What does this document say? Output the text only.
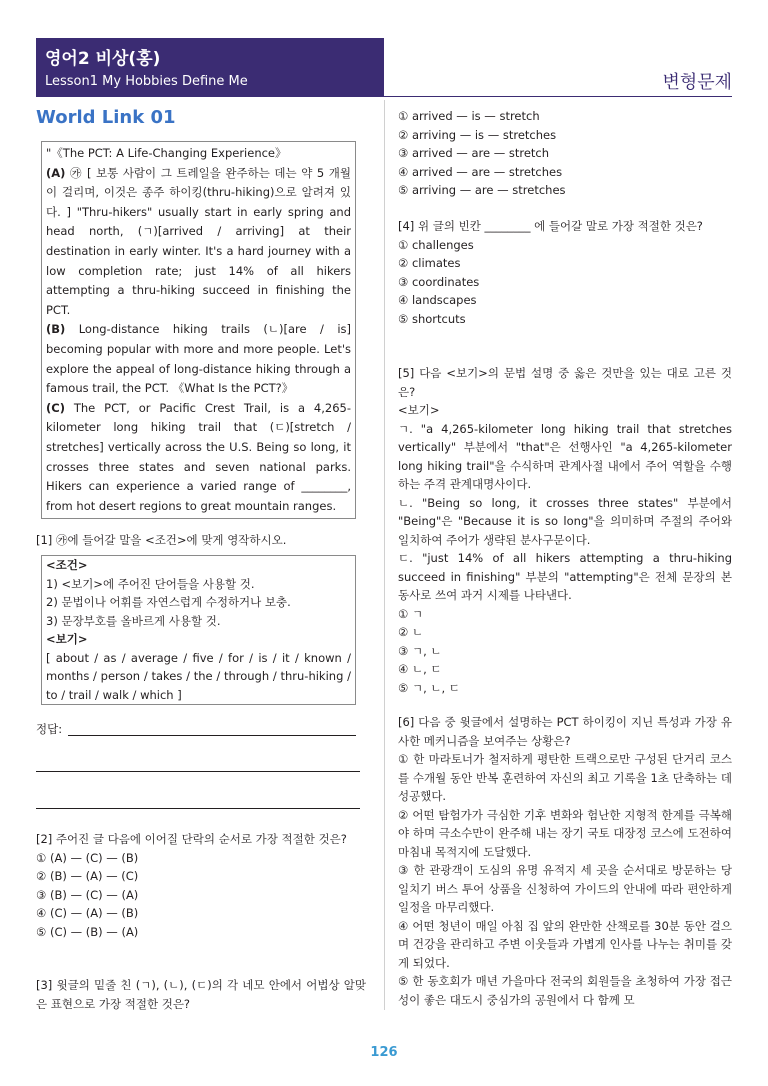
영어2 비상(홍)
Lesson1 My Hobbies Define Me	변형문제
World Link 01

"《The PCT: A Life-Changing Experience》

(A) ㉮ [ 보통 사람이 그 트레일을 완주하는 데는 약 5 개월이 걸리며, 이것은 종주 하이킹(thru-hiking)으로 알려져 있다. ] "Thru-hikers" usually start in early spring and head north, (ㄱ)[arrived / arriving] at their destination in early winter. It's a hard journey with a low completion rate; just 14% of all hikers attempting a thru-hiking succeed in finishing the PCT.

(B) Long-distance hiking trails (ㄴ)[are / is] becoming popular with more and more people. Let's explore the appeal of long-distance hiking through a famous trail, the PCT. 《What Is the PCT?》

(C) The PCT, or Pacific Crest Trail, is a 4,265-kilometer long hiking trail that (ㄷ)[stretch / stretches] vertically across the U.S. Being so long, it crosses three states and seven national parks. Hikers can experience a varied range of ________, from hot desert regions to great mountain ranges.

[1] ㉮에 들어갈 말을 <조건>에 맞게 영작하시오.

<조건>

1) <보기>에 주어진 단어들을 사용할 것.

2) 문법이나 어휘를 자연스럽게 수정하거나 보충.

3) 문장부호를 올바르게 사용할 것.

<보기>

[ about / as / average / five / for / is / it / known / months / person / takes / the / through / thru-hiking / to / trail / walk / which ]

정답:

[2] 주어진 글 다음에 이어질 단락의 순서로 가장 적절한 것은?

① (A) — (C) — (B)
② (B) — (A) — (C)
③ (B) — (C) — (A)
④ (C) — (A) — (B)
⑤ (C) — (B) — (A)

[3] 윗글의 밑줄 친 (ㄱ), (ㄴ), (ㄷ)의 각 네모 안에서 어법상 알맞은 표현으로 가장 적절한 것은?

① arrived — is — stretch
② arriving — is — stretches
③ arrived — are — stretch
④ arrived — are — stretches
⑤ arriving — are — stretches

[4] 위 글의 빈칸 ________ 에 들어갈 말로 가장 적절한 것은?

① challenges
② climates
③ coordinates
④ landscapes
⑤ shortcuts

[5] 다음 <보기>의 문법 설명 중 옳은 것만을 있는 대로 고른 것은?

<보기>

ㄱ. "a 4,265-kilometer long hiking trail that stretches vertically" 부분에서 "that"은 선행사인 "a 4,265-kilometer long hiking trail"을 수식하며 관계사절 내에서 주어 역할을 수행하는 주격 관계대명사이다.

ㄴ. "Being so long, it crosses three states" 부분에서 "Being"은 "Because it is so long"을 의미하며 주절의 주어와 일치하여 주어가 생략된 분사구문이다.

ㄷ. "just 14% of all hikers attempting a thru-hiking succeed in finishing" 부분의 "attempting"은 전체 문장의 본동사로 쓰여 과거 시제를 나타낸다.

① ㄱ
② ㄴ
③ ㄱ, ㄴ
④ ㄴ, ㄷ
⑤ ㄱ, ㄴ, ㄷ

[6] 다음 중 윗글에서 설명하는 PCT 하이킹이 지닌 특성과 가장 유사한 메커니즘을 보여주는 상황은?

① 한 마라토너가 철저하게 평탄한 트랙으로만 구성된 단거리 코스를 수개월 동안 반복 훈련하여 자신의 최고 기록을 1초 단축하는 데 성공했다.

② 어떤 탐험가가 극심한 기후 변화와 험난한 지형적 한계를 극복해야 하며 극소수만이 완주해 내는 장기 국토 대장정 코스에 도전하여 마침내 목적지에 도달했다.

③ 한 관광객이 도심의 유명 유적지 세 곳을 순서대로 방문하는 당일치기 버스 투어 상품을 신청하여 가이드의 안내에 따라 편안하게 일정을 마무리했다.

④ 어떤 청년이 매일 아침 집 앞의 완만한 산책로를 30분 동안 걸으며 건강을 관리하고 주변 이웃들과 가볍게 인사를 나누는 취미를 갖게 되었다.

⑤ 한 동호회가 매년 가을마다 전국의 회원들을 초청하여 가장 접근성이 좋은 대도시 중심가의 공원에서 다 함께 모

126
